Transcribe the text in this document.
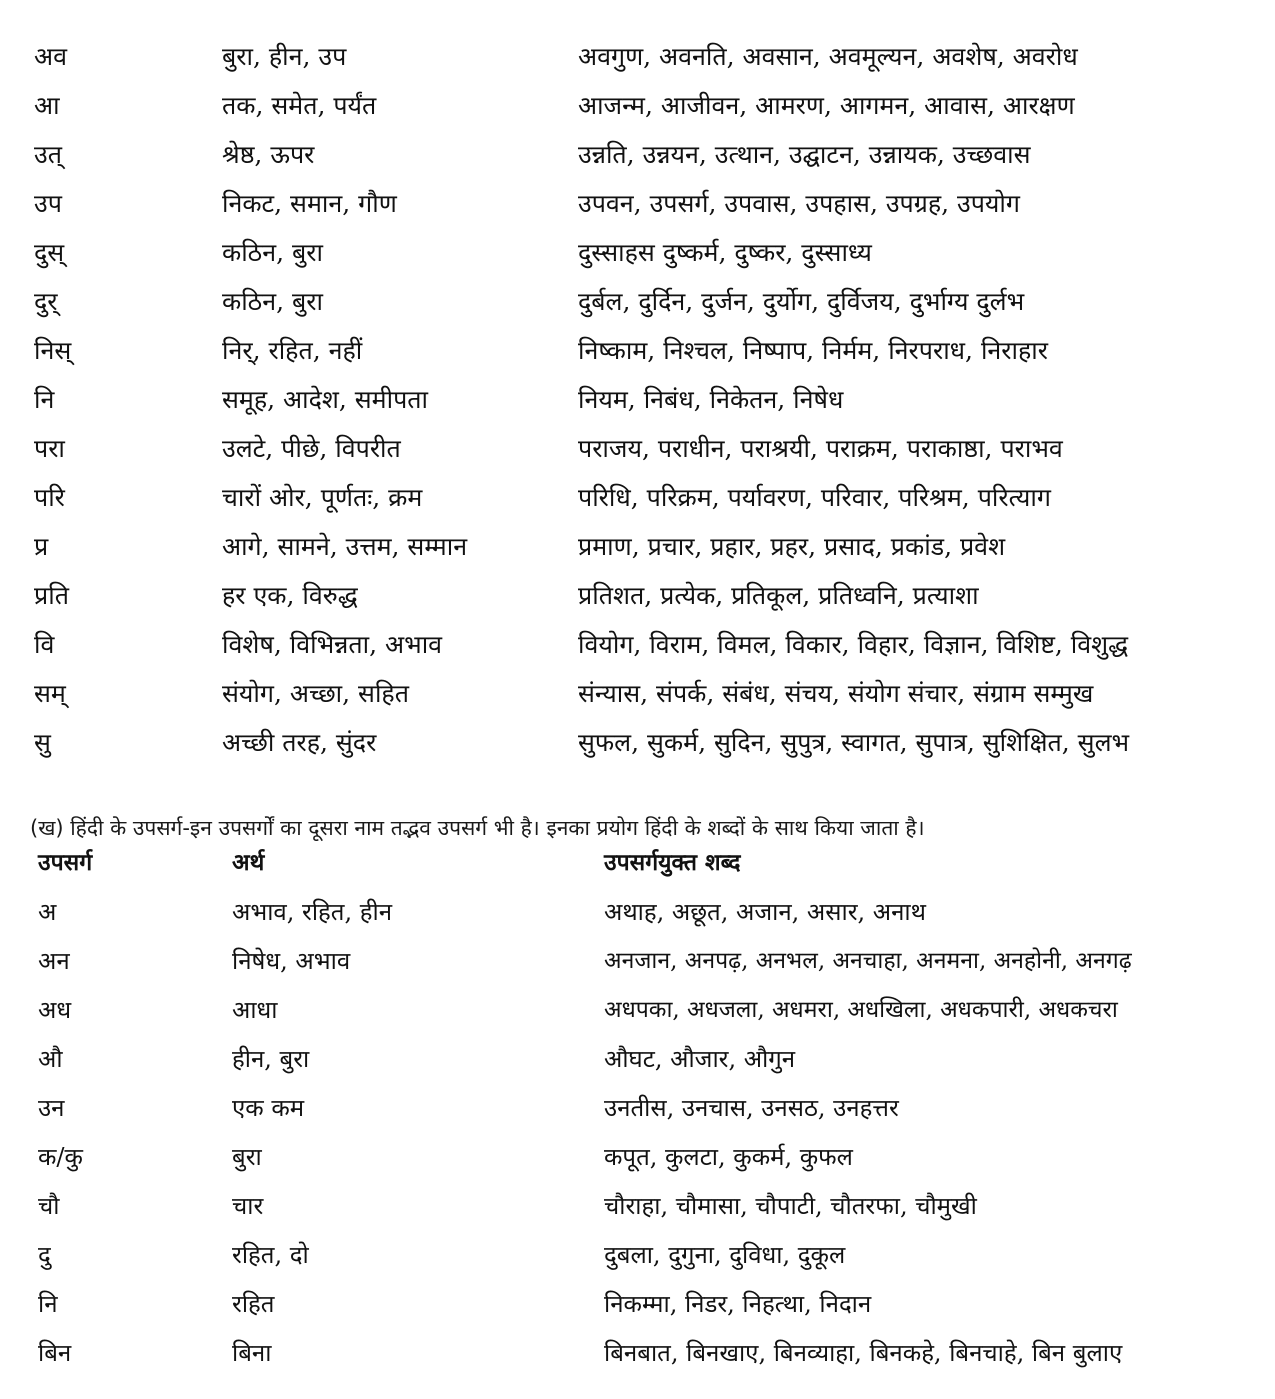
अव	बुरा, हीन, उप	अवगुण, अवनति, अवसान, अवमूल्यन, अवशेष, अवरोध
आ	तक, समेत, पर्यंत	आजन्म, आजीवन, आमरण, आगमन, आवास, आरक्षण
उत्	श्रेष्ठ, ऊपर	उन्नति, उन्नयन, उत्थान, उद्घाटन, उन्नायक, उच्छवास
उप	निकट, समान, गौण	उपवन, उपसर्ग, उपवास, उपहास, उपग्रह, उपयोग
दुस्	कठिन, बुरा	दुस्साहस दुष्कर्म, दुष्कर, दुस्साध्य
दुर्	कठिन, बुरा	दुर्बल, दुर्दिन, दुर्जन, दुर्योग, दुर्विजय, दुर्भाग्य दुर्लभ
निस्	निर्, रहित, नहीं	निष्काम, निश्चल, निष्पाप, निर्मम, निरपराध, निराहार
नि	समूह, आदेश, समीपता	नियम, निबंध, निकेतन, निषेध
परा	उलटे, पीछे, विपरीत	पराजय, पराधीन, पराश्रयी, पराक्रम, पराकाष्ठा, पराभव
परि	चारों ओर, पूर्णतः, क्रम	परिधि, परिक्रम, पर्यावरण, परिवार, परिश्रम, परित्याग
प्र	आगे, सामने, उत्तम, सम्मान	प्रमाण, प्रचार, प्रहार, प्रहर, प्रसाद, प्रकांड, प्रवेश
प्रति	हर एक, विरुद्ध	प्रतिशत, प्रत्येक, प्रतिकूल, प्रतिध्वनि, प्रत्याशा
वि	विशेष, विभिन्नता, अभाव	वियोग, विराम, विमल, विकार, विहार, विज्ञान, विशिष्ट, विशुद्ध
सम्	संयोग, अच्छा, सहित	संन्यास, संपर्क, संबंध, संचय, संयोग संचार, संग्राम सम्मुख
सु	अच्छी तरह, सुंदर	सुफल, सुकर्म, सुदिन, सुपुत्र, स्वागत, सुपात्र, सुशिक्षित, सुलभ
(ख) हिंदी के उपसर्ग-इन उपसर्गों का दूसरा नाम तद्भव उपसर्ग भी है। इनका प्रयोग हिंदी के शब्दों के साथ किया जाता है।
उपसर्ग	अर्थ	उपसर्गयुक्त शब्द
अ	अभाव, रहित, हीन	अथाह, अछूत, अजान, असार, अनाथ
अन	निषेध, अभाव	अनजान, अनपढ़, अनभल, अनचाहा, अनमना, अनहोनी, अनगढ़
अध	आधा	अधपका, अधजला, अधमरा, अधखिला, अधकपारी, अधकचरा
औ	हीन, बुरा	औघट, औजार, औगुन
उन	एक कम	उनतीस, उनचास, उनसठ, उनहत्तर
क/कु	बुरा	कपूत, कुलटा, कुकर्म, कुफल
चौ	चार	चौराहा, चौमासा, चौपाटी, चौतरफा, चौमुखी
दु	रहित, दो	दुबला, दुगुना, दुविधा, दुकूल
नि	रहित	निकम्मा, निडर, निहत्था, निदान
बिन	बिना	बिनबात, बिनखाए, बिनव्याहा, बिनकहे, बिनचाहे, बिन बुलाए
